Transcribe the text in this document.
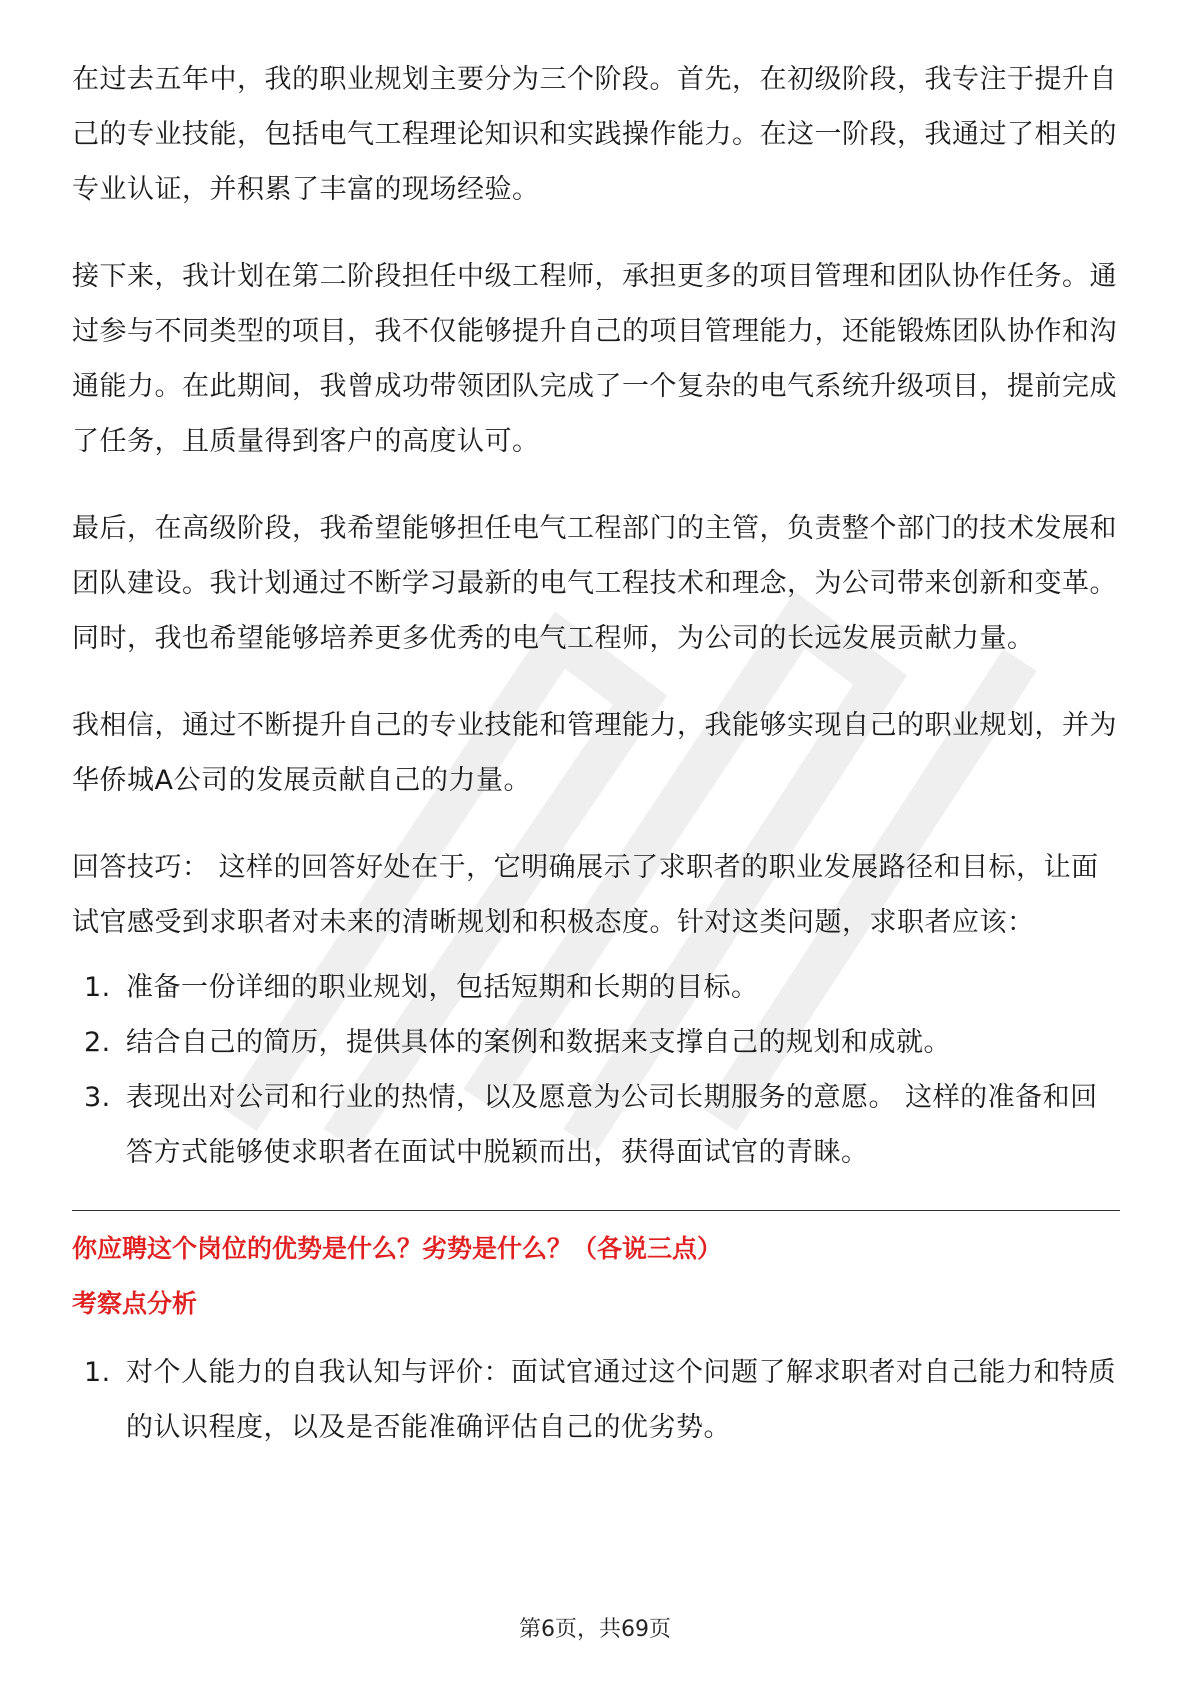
在过去五年中，我的职业规划主要分为三个阶段。首先，在初级阶段，我专注于提升自己的专业技能，包括电气工程理论知识和实践操作能力。在这一阶段，我通过了相关的专业认证，并积累了丰富的现场经验。

接下来，我计划在第二阶段担任中级工程师，承担更多的项目管理和团队协作任务。通过参与不同类型的项目，我不仅能够提升自己的项目管理能力，还能锻炼团队协作和沟通能力。在此期间，我曾成功带领团队完成了一个复杂的电气系统升级项目，提前完成了任务，且质量得到客户的高度认可。

最后，在高级阶段，我希望能够担任电气工程部门的主管，负责整个部门的技术发展和团队建设。我计划通过不断学习最新的电气工程技术和理念，为公司带来创新和变革。同时，我也希望能够培养更多优秀的电气工程师，为公司的长远发展贡献力量。

我相信，通过不断提升自己的专业技能和管理能力，我能够实现自己的职业规划，并为华侨城A公司的发展贡献自己的力量。

回答技巧： 这样的回答好处在于，它明确展示了求职者的职业发展路径和目标，让面试官感受到求职者对未来的清晰规划和积极态度。针对这类问题，求职者应该：

1. 准备一份详细的职业规划，包括短期和长期的目标。
2. 结合自己的简历，提供具体的案例和数据来支撑自己的规划和成就。
3. 表现出对公司和行业的热情，以及愿意为公司长期服务的意愿。 这样的准备和回答方式能够使求职者在面试中脱颖而出，获得面试官的青睐。

你应聘这个岗位的优势是什么？劣势是什么？（各说三点）

考察点分析

1. 对个人能力的自我认知与评价：面试官通过这个问题了解求职者对自己能力和特质的认识程度，以及是否能准确评估自己的优劣势。
第6页，共69页
